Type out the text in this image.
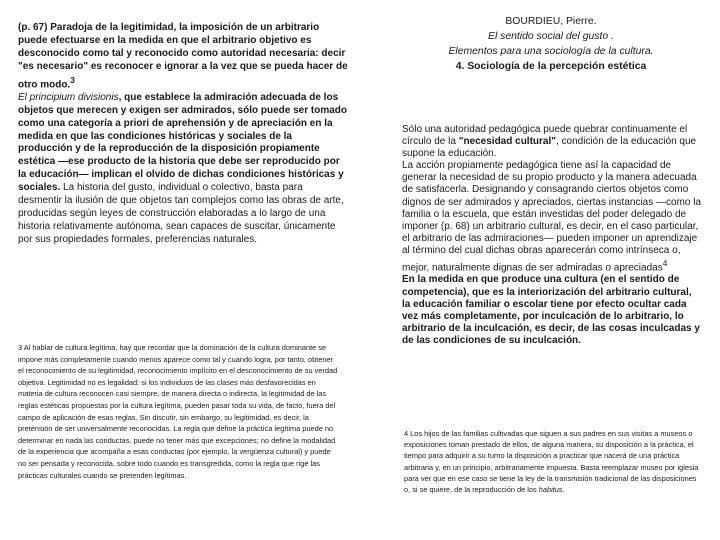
(p. 67) Paradoja de la legitimidad, la imposición de un arbitrario puede efectuarse en la medida en que el arbitrario objetivo es desconocido como tal y reconocido como autoridad necesaria: decir "es necesario" es reconocer e ignorar a la vez que se pueda hacer de otro modo.$^3$
El principium divisionis, que establece la admiración adecuada de los objetos que merecen y exigen ser admirados, sólo puede ser tomado como una categoría a priori de aprehensión y de apreciación en la medida en que las condiciones históricas y sociales de la producción y de la reproducción de la disposición propiamente estética —ese producto de la historia que debe ser reproducido por la educación— implican el olvido de dichas condiciones históricas y sociales. La historia del gusto, individual o colectivo, basta para desmentir la ilusión de que objetos tan complejos como las obras de arte, producidas según leyes de construcción elaboradas a lo largo de una historia relativamente autónoma, sean capaces de suscitar, únicamente por sus propiedades formales, preferencias naturales.

3 Al hablar de cultura legítima, hay que recordar que la dominación de la cultura dominante se impone más completamente cuando menos aparece como tal y cuando logra, por tanto, obtener el reconocimiento de su legitimidad, reconocimiento implícito en el desconocimiento de su verdad objetiva. Legitimidad no es legalidad: si los individuos de las clases más desfavorecidas en materia de cultura reconocen casi siempre, de manera directa o indirecta, la legitimidad de las reglas estéticas propuestas por la cultura legítima, pueden pasar toda su vida, de facto, fuera del campo de aplicación de esas reglas. Sin discutir, sin embargo, su legitimidad, es decir, la pretensión de ser universalmente reconocidas. La regla que define la práctica legítima puede no determinar en nada las conductas, puede no tener más que excepciones; no define la modalidad de la experiencia que acompaña a esas conductas (por ejemplo, la vergüenza cultural) y puede no ser pensada y reconocida, sobre todo cuando es transgredida, como la regla que rige las prácticas culturales cuando se pretenden legítimas.
BOURDIEU, Pierre.
El sentido social del gusto .
Elementos para una sociología de la cultura.
4. Sociología de la percepción estética

Sólo una autoridad pedagógica puede quebrar continuamente el círculo de la "necesidad cultural", condición de la educación que supone la educación.

La acción propiamente pedagógica tiene así la capacidad de generar la necesidad de su propio producto y la manera adecuada de satisfacerla. Designando y consagrando ciertos objetos como dignos de ser admirados y apreciados, ciertas instancias —como la familia o la escuela, que están investidas del poder delegado de imponer (p. 68) un arbitrario cultural, es decir, en el caso particular, el arbitrario de las admiraciones— pueden imponer un aprendizaje al término del cual dichas obras aparecerán como intrínseca o, mejor, naturalmente dignas de ser admiradas o apreciadas$^4$

En la medida en que produce una cultura (en el sentido de competencia), que es la interiorización del arbitrario cultural, la educación familiar o escolar tiene por efecto ocultar cada vez más completamente, por inculcación de lo arbitrario, lo arbitrario de la inculcación, es decir, de las cosas inculcadas y de las condiciones de su inculcación.

4 Los hijos de las familias cultivadas que siguen a sus padres en sus visitas a museos o exposiciones toman prestado de ellos, de alguna manera, su disposición a la práctica, el tiempo para adquirir a su turno la disposición a practicar que nacerá de una práctica arbitraria y, en un principio, arbitrariamente impuesta. Basta reemplazar museo por iglesia para ver que en ese caso se tiene la ley de la transmisión tradicional de las disposiciones o, si se quiere, de la reproducción de los habitus.
